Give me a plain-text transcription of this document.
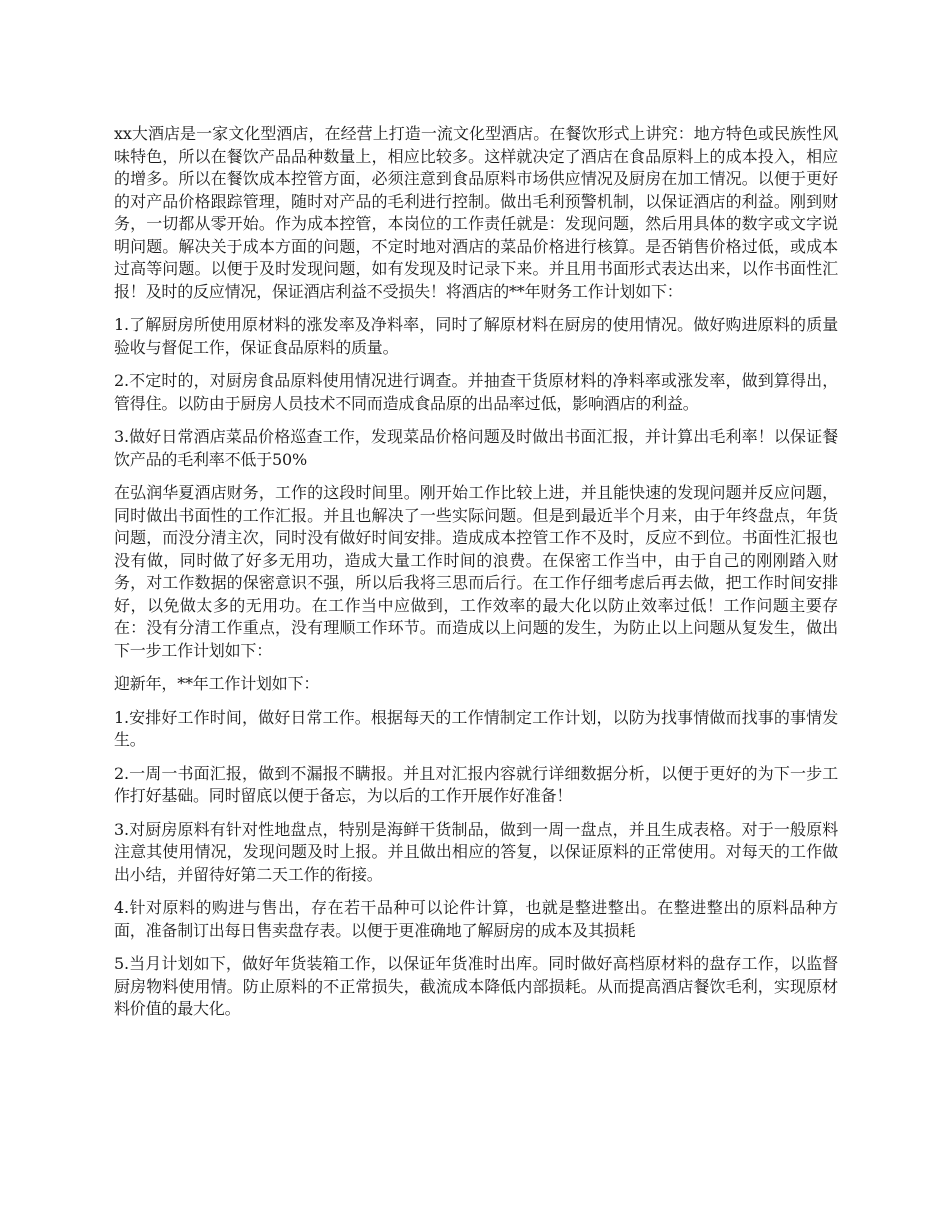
xx大酒店是一家文化型酒店，在经营上打造一流文化型酒店。在餐饮形式上讲究：地方特色或民族性风味特色，所以在餐饮产品品种数量上，相应比较多。这样就决定了酒店在食品原料上的成本投入，相应的增多。所以在餐饮成本控管方面，必须注意到食品原料市场供应情况及厨房在加工情况。以便于更好的对产品价格跟踪管理，随时对产品的毛利进行控制。做出毛利预警机制，以保证酒店的利益。刚到财务，一切都从零开始。作为成本控管，本岗位的工作责任就是：发现问题，然后用具体的数字或文字说明问题。解决关于成本方面的问题，不定时地对酒店的菜品价格进行核算。是否销售价格过低，或成本过高等问题。以便于及时发现问题，如有发现及时记录下来。并且用书面形式表达出来，以作书面性汇报！及时的反应情况，保证酒店利益不受损失！将酒店的**年财务工作计划如下：

1.了解厨房所使用原材料的涨发率及净料率，同时了解原材料在厨房的使用情况。做好购进原料的质量验收与督促工作，保证食品原料的质量。

2.不定时的，对厨房食品原料使用情况进行调查。并抽查干货原材料的净料率或涨发率，做到算得出，管得住。以防由于厨房人员技术不同而造成食品原的出品率过低，影响酒店的利益。

3.做好日常酒店菜品价格巡查工作，发现菜品价格问题及时做出书面汇报，并计算出毛利率！以保证餐饮产品的毛利率不低于50%

在弘润华夏酒店财务，工作的这段时间里。刚开始工作比较上进，并且能快速的发现问题并反应问题，同时做出书面性的工作汇报。并且也解决了一些实际问题。但是到最近半个月来，由于年终盘点，年货问题，而没分清主次，同时没有做好时间安排。造成成本控管工作不及时，反应不到位。书面性汇报也没有做，同时做了好多无用功，造成大量工作时间的浪费。在保密工作当中，由于自己的刚刚踏入财务，对工作数据的保密意识不强，所以后我将三思而后行。在工作仔细考虑后再去做，把工作时间安排好，以免做太多的无用功。在工作当中应做到，工作效率的最大化以防止效率过低！工作问题主要存在：没有分清工作重点，没有理顺工作环节。而造成以上问题的发生，为防止以上问题从复发生，做出下一步工作计划如下：

迎新年，**年工作计划如下：

1.安排好工作时间，做好日常工作。根据每天的工作情制定工作计划，以防为找事情做而找事的事情发生。

2.一周一书面汇报，做到不漏报不瞒报。并且对汇报内容就行详细数据分析，以便于更好的为下一步工作打好基础。同时留底以便于备忘，为以后的工作开展作好准备！

3.对厨房原料有针对性地盘点，特别是海鲜干货制品，做到一周一盘点，并且生成表格。对于一般原料注意其使用情况，发现问题及时上报。并且做出相应的答复，以保证原料的正常使用。对每天的工作做出小结，并留待好第二天工作的衔接。

4.针对原料的购进与售出，存在若干品种可以论件计算，也就是整进整出。在整进整出的原料品种方面，准备制订出每日售卖盘存表。以便于更准确地了解厨房的成本及其损耗

5.当月计划如下，做好年货装箱工作，以保证年货准时出库。同时做好高档原材料的盘存工作，以监督厨房物料使用情。防止原料的不正常损失，截流成本降低内部损耗。从而提高酒店餐饮毛利，实现原材料价值的最大化。
